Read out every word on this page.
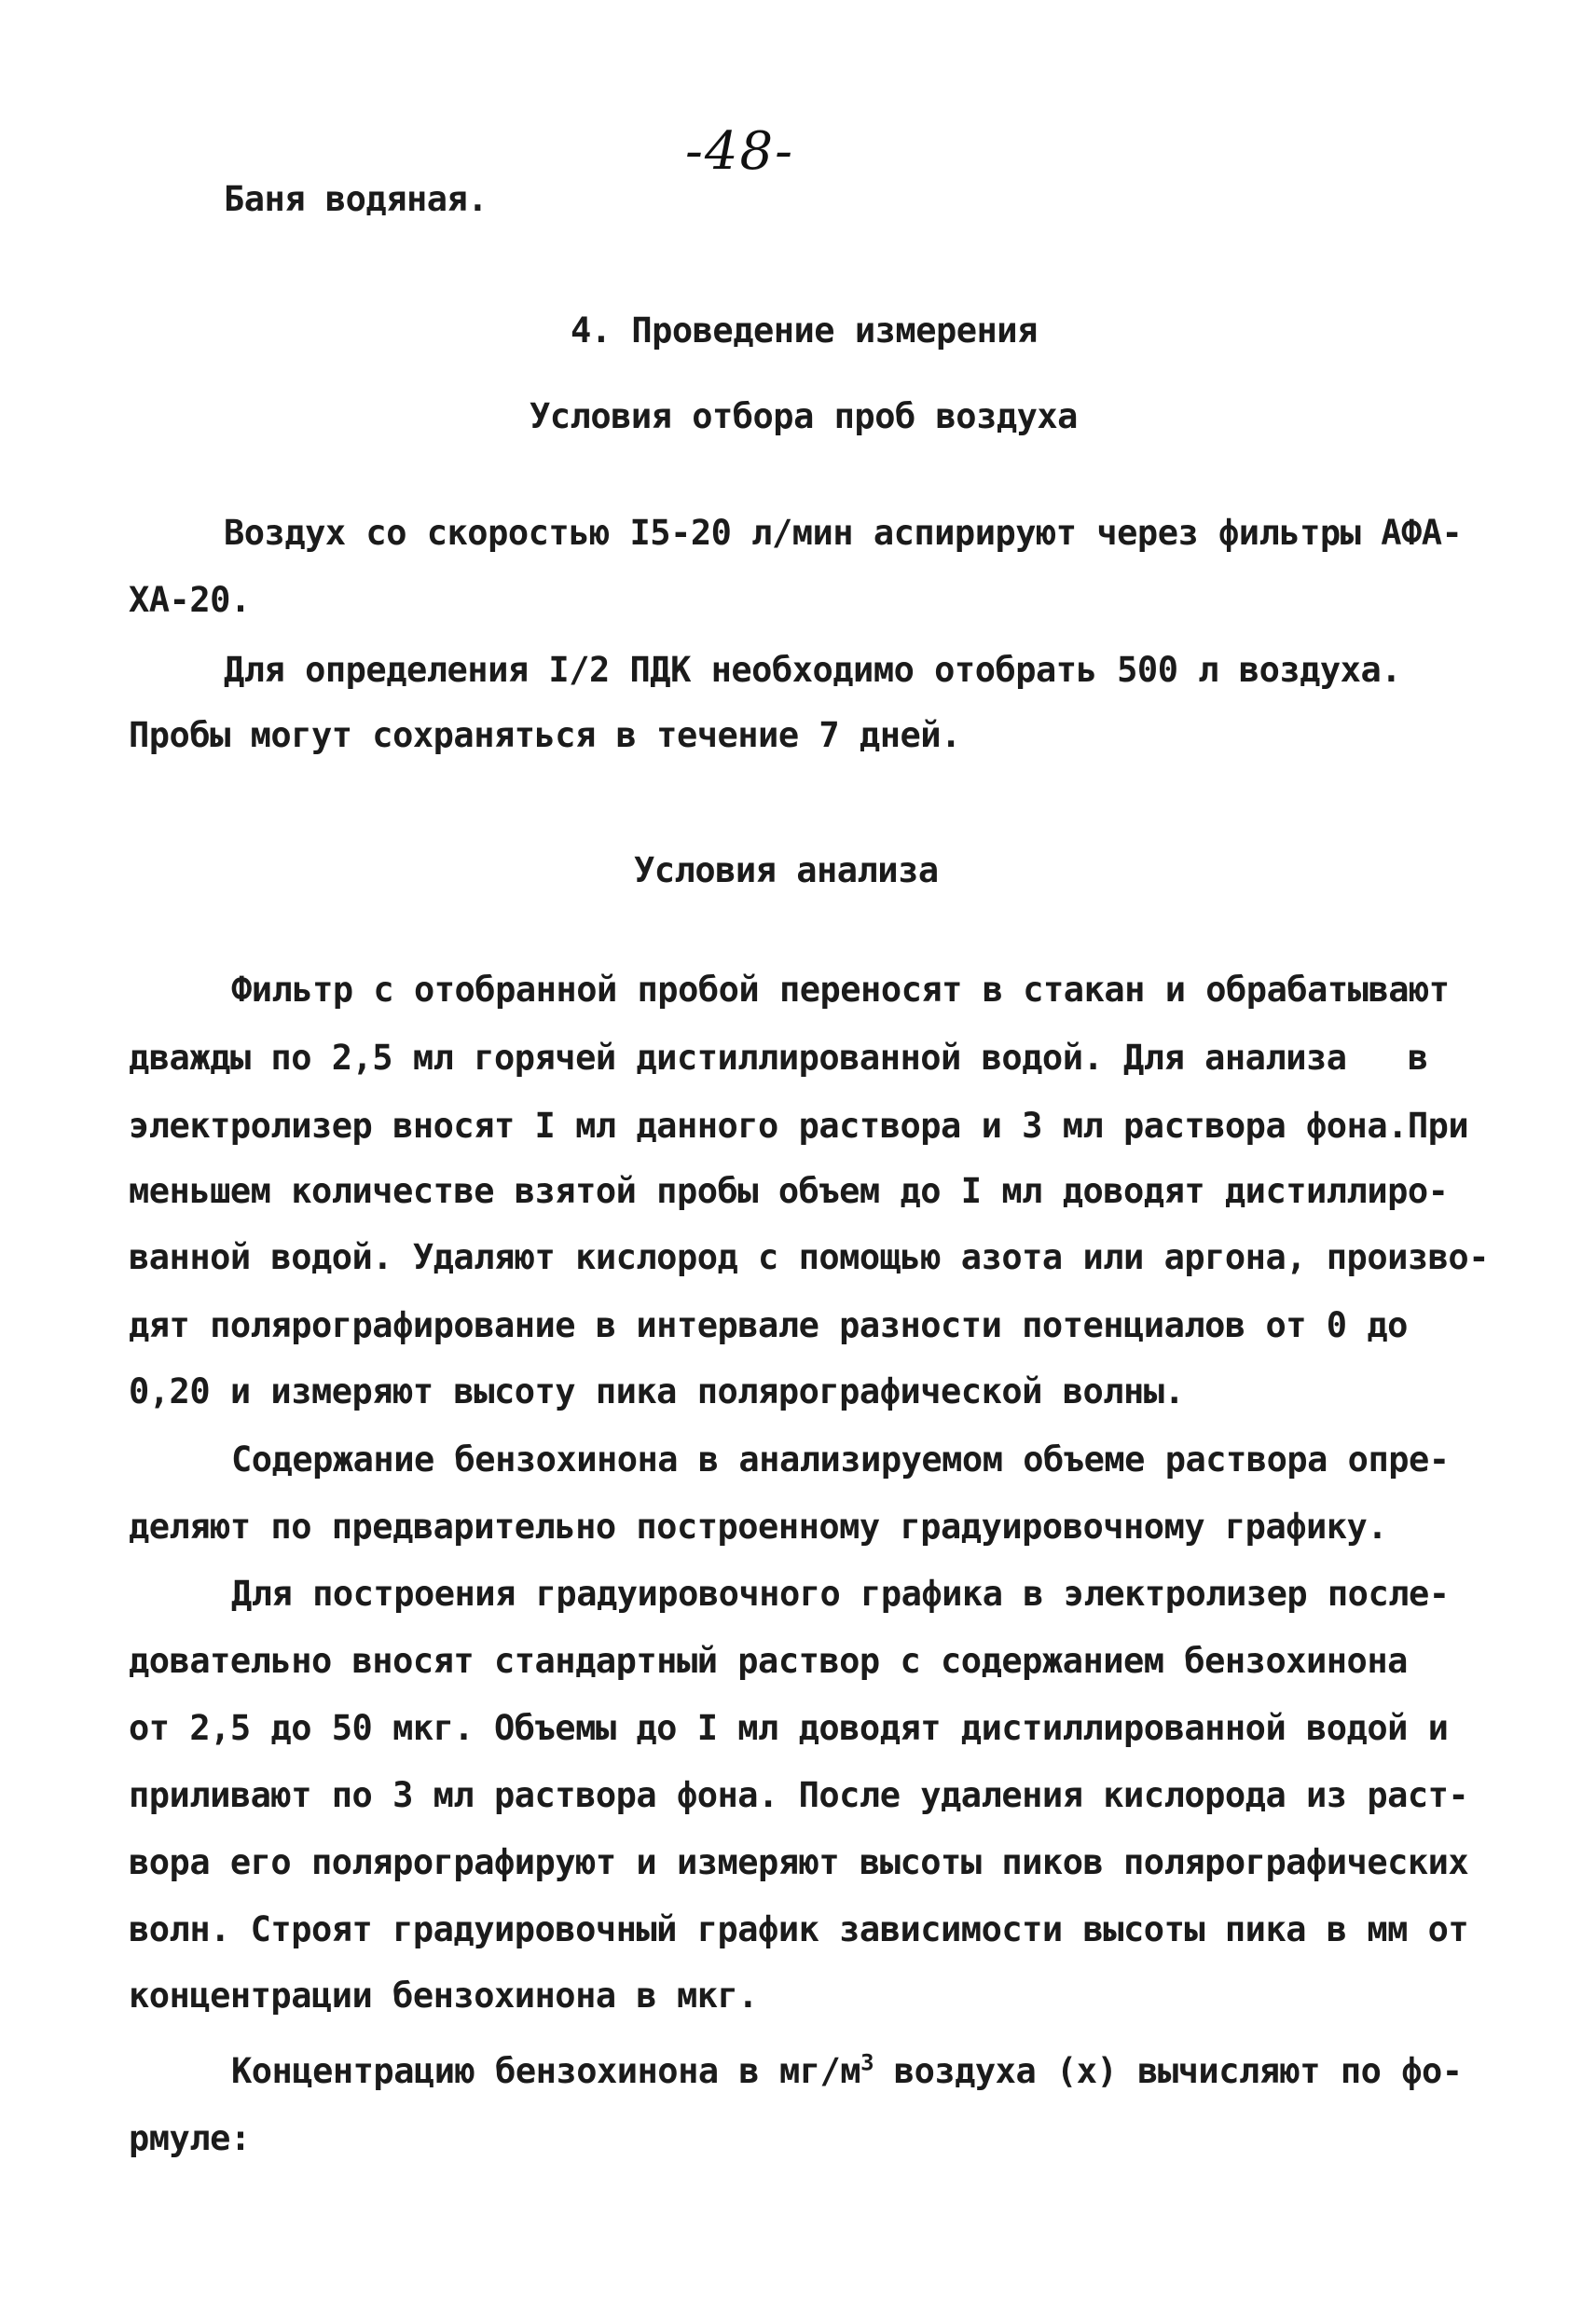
-48-
Баня водяная.
4. Проведение измерения
Условия отбора проб воздуха
Воздух со скоростью I5-20 л/мин аспирируют через фильтры АФА-
ХА-20.
Для определения I/2 ПДК необходимо отобрать 500 л воздуха.
Пробы могут сохраняться в течение 7 дней.
Условия анализа
Фильтр с отобранной пробой переносят в стакан и обрабатывают
дважды по 2,5 мл горячей дистиллированной водой. Для анализа   в
электролизер вносят I мл данного раствора и 3 мл раствора фона.При
меньшем количестве взятой пробы объем до I мл доводят дистиллиро-
ванной водой. Удаляют кислород с помощью азота или аргона, произво-
дят полярографирование в интервале разности потенциалов от 0 до
0,20 и измеряют высоту пика полярографической волны.
Содержание бензохинона в анализируемом объеме раствора опре-
деляют по предварительно построенному градуировочному графику.
Для построения градуировочного графика в электролизер после-
довательно вносят стандартный раствор с содержанием бензохинона
от 2,5 до 50 мкг. Объемы до I мл доводят дистиллированной водой и
приливают по 3 мл раствора фона. После удаления кислорода из раст-
вора его полярографируют и измеряют высоты пиков полярографических
волн. Строят градуировочный график зависимости высоты пика в мм от
концентрации бензохинона в мкг.
Концентрацию бензохинона в $мг/м^3$ воздуха (х) вычисляют по фо-
рмуле:
